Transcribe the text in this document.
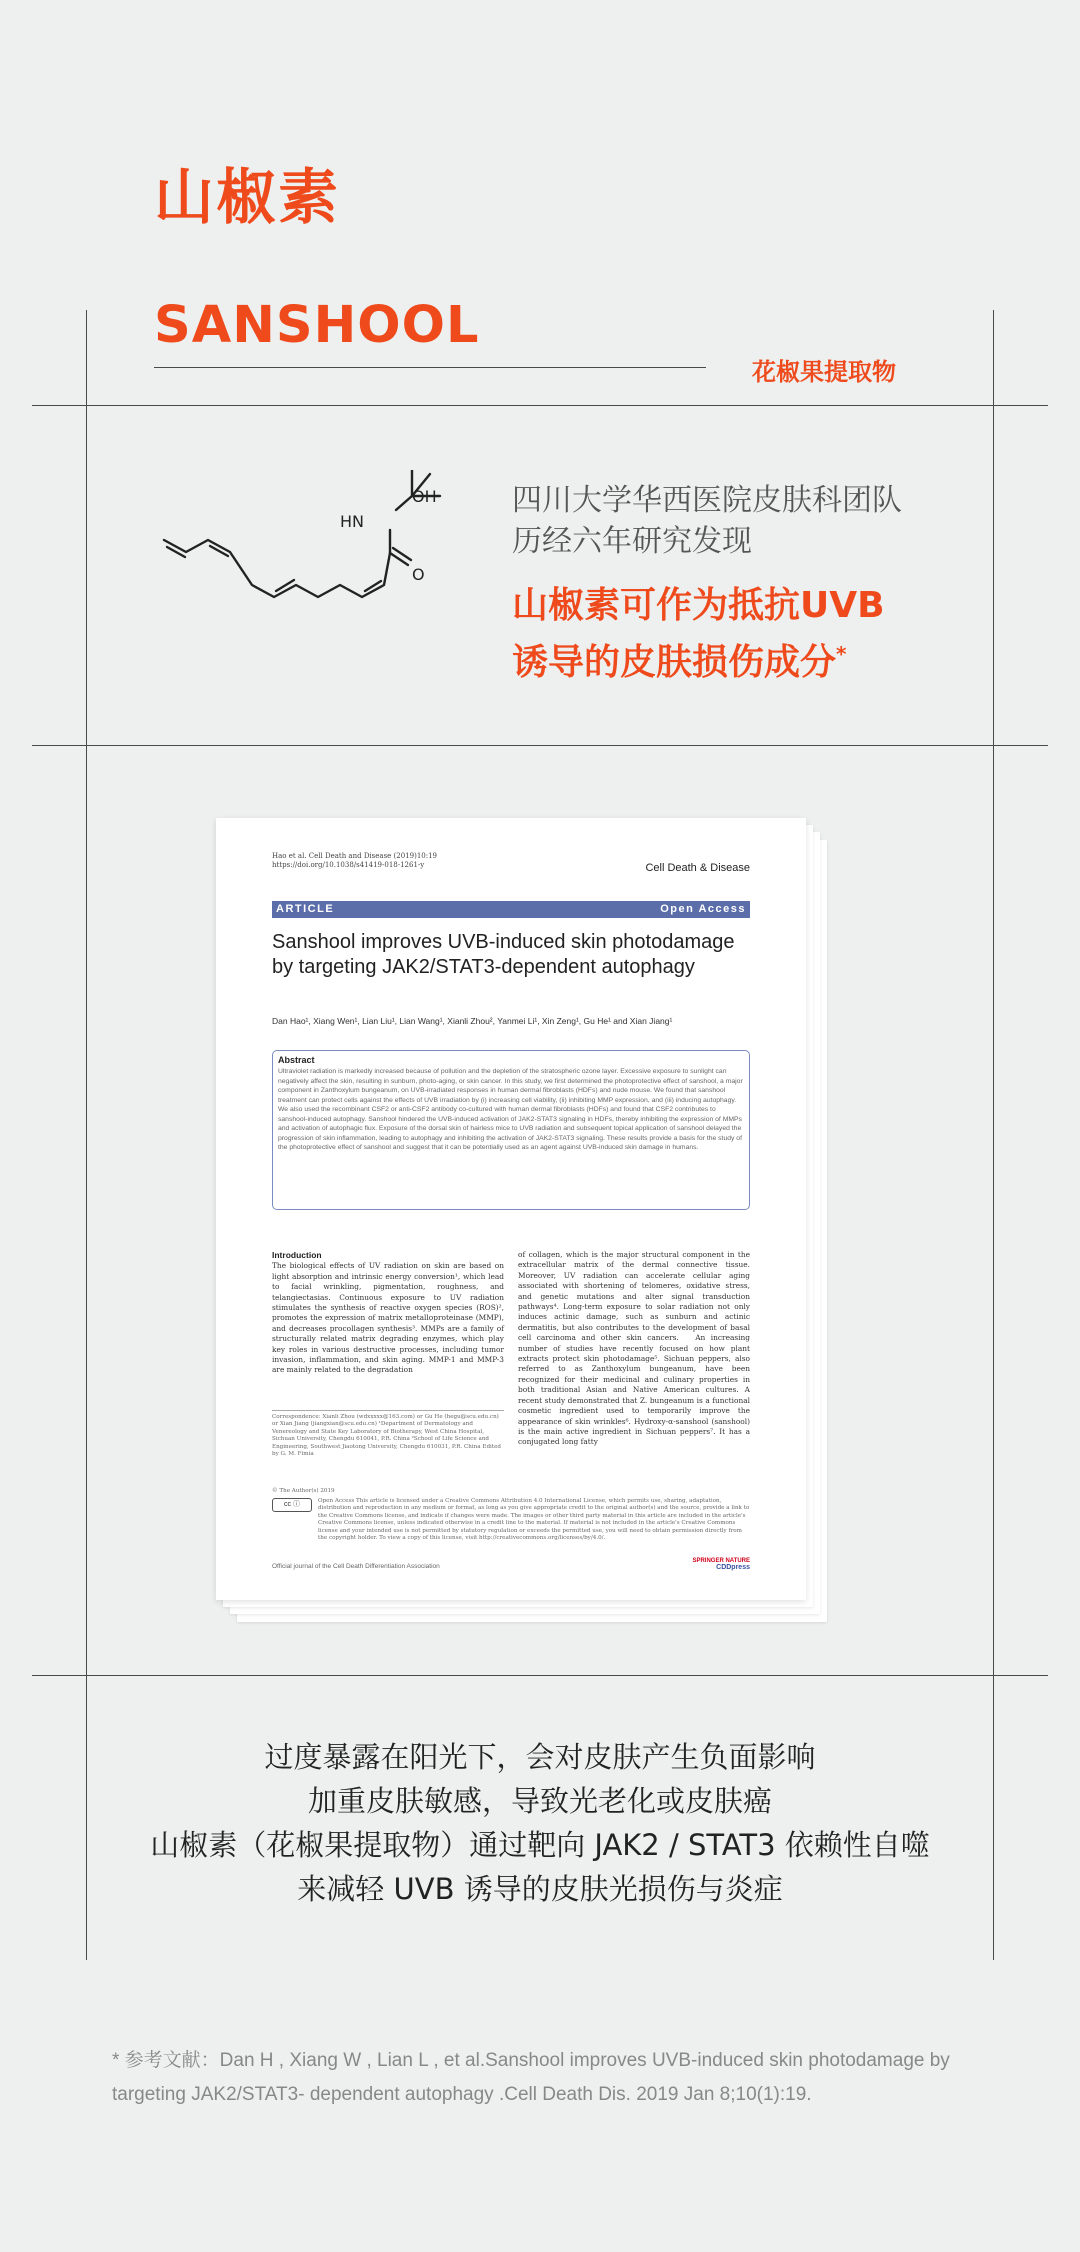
山椒素
SANSHOOL
花椒果提取物
O
HN
OH	四川大学华西医院皮肤科团队
历经六年研究发现
山椒素可作为抵抗UVB
诱导的皮肤损伤成分*
Hao et al. Cell Death and Disease (2019)10:19
https://doi.org/10.1038/s41419-018-1261-y	Cell Death & Disease
ARTICLE	Open Access
Sanshool improves UVB-induced skin photodamage by targeting JAK2/STAT3-dependent autophagy
Dan Hao¹, Xiang Wen¹, Lian Liu¹, Lian Wang¹, Xianli Zhou², Yanmei Li¹, Xin Zeng¹, Gu He¹ and Xian Jiang¹
Abstract

Ultraviolet radiation is markedly increased because of pollution and the depletion of the stratospheric ozone layer. Excessive exposure to sunlight can negatively affect the skin, resulting in sunburn, photo-aging, or skin cancer. In this study, we first determined the photoprotective effect of sanshool, a major component in Zanthoxylum bungeanum, on UVB-irradiated responses in human dermal fibroblasts (HDFs) and nude mouse. We found that sanshool treatment can protect cells against the effects of UVB irradiation by (i) increasing cell viability, (ii) inhibiting MMP expression, and (iii) inducing autophagy. We also used the recombinant CSF2 or anti-CSF2 antibody co-cultured with human dermal fibroblasts (HDFs) and found that CSF2 contributes to sanshool-induced autophagy. Sanshool hindered the UVB-induced activation of JAK2-STAT3 signaling in HDFs, thereby inhibiting the expression of MMPs and activation of autophagic flux. Exposure of the dorsal skin of hairless mice to UVB radiation and subsequent topical application of sanshool delayed the progression of skin inflammation, leading to autophagy and inhibiting the activation of JAK2-STAT3 signaling. These results provide a basis for the study of the photoprotective effect of sanshool and suggest that it can be potentially used as an agent against UVB-induced skin damage in humans.

Introduction
The biological effects of UV radiation on skin are based on light absorption and intrinsic energy conversion¹, which lead to facial wrinkling, pigmentation, roughness, and telangiectasias. Continuous exposure to UV radiation stimulates the synthesis of reactive oxygen species (ROS)², promotes the expression of matrix metalloproteinase (MMP), and decreases procollagen synthesis³. MMPs are a family of structurally related matrix degrading enzymes, which play key roles in various destructive processes, including tumor invasion, inflammation, and skin aging. MMP-1 and MMP-3 are mainly related to the degradation
of collagen, which is the major structural component in the extracellular matrix of the dermal connective tissue. Moreover, UV radiation can accelerate cellular aging associated with shortening of telomeres, oxidative stress, and genetic mutations and alter signal transduction pathways⁴. Long-term exposure to solar radiation not only induces actinic damage, such as sunburn and actinic dermatitis, but also contributes to the development of basal cell carcinoma and other skin cancers.   An increasing number of studies have recently focused on how plant extracts protect skin photodamage⁵. Sichuan peppers, also referred to as Zanthoxylum bungeanum, have been recognized for their medicinal and culinary properties in both traditional Asian and Native American cultures. A recent study demonstrated that Z. bungeanum is a functional cosmetic ingredient used to temporarily improve the appearance of skin wrinkles⁶. Hydroxy-α-sanshool (sanshool) is the main active ingredient in Sichuan peppers⁷. It has a conjugated long fatty
Correspondence: Xianli Zhou (wdxxxxx@163.com) or Gu He (hegu@scu.edu.cn) or Xian Jiang (jiangxian@scu.edu.cn) ¹Department of Dermatology and Venereology and State Key Laboratory of Biotherapy, West China Hospital, Sichuan University, Chengdu 610041, P.R. China ²School of Life Science and Engineering, Southwest Jiaotong University, Chengdu 610031, P.R. China Edited by G. M. Fimia
© The Author(s) 2019
cc ⓘ	Open Access This article is licensed under a Creative Commons Attribution 4.0 International License, which permits use, sharing, adaptation, distribution and reproduction in any medium or format, as long as you give appropriate credit to the original author(s) and the source, provide a link to the Creative Commons license, and indicate if changes were made. The images or other third party material in this article are included in the article's Creative Commons license, unless indicated otherwise in a credit line to the material. If material is not included in the article's Creative Commons license and your intended use is not permitted by statutory regulation or exceeds the permitted use, you will need to obtain permission directly from the copyright holder. To view a copy of this license, visit http://creativecommons.org/licenses/by/4.0/.
Official journal of the Cell Death Differentiation Association
SPRINGER NATURE
CDDpress
过度暴露在阳光下，会对皮肤产生负面影响
加重皮肤敏感，导致光老化或皮肤癌
山椒素（花椒果提取物）通过靶向 JAK2 / STAT3 依赖性自噬
来减轻 UVB 诱导的皮肤光损伤与炎症
* 参考文献：Dan H , Xiang W , Lian L , et al.Sanshool improves UVB-induced skin photodamage by targeting JAK2/STAT3- dependent autophagy .Cell Death Dis. 2019 Jan 8;10(1):19.
